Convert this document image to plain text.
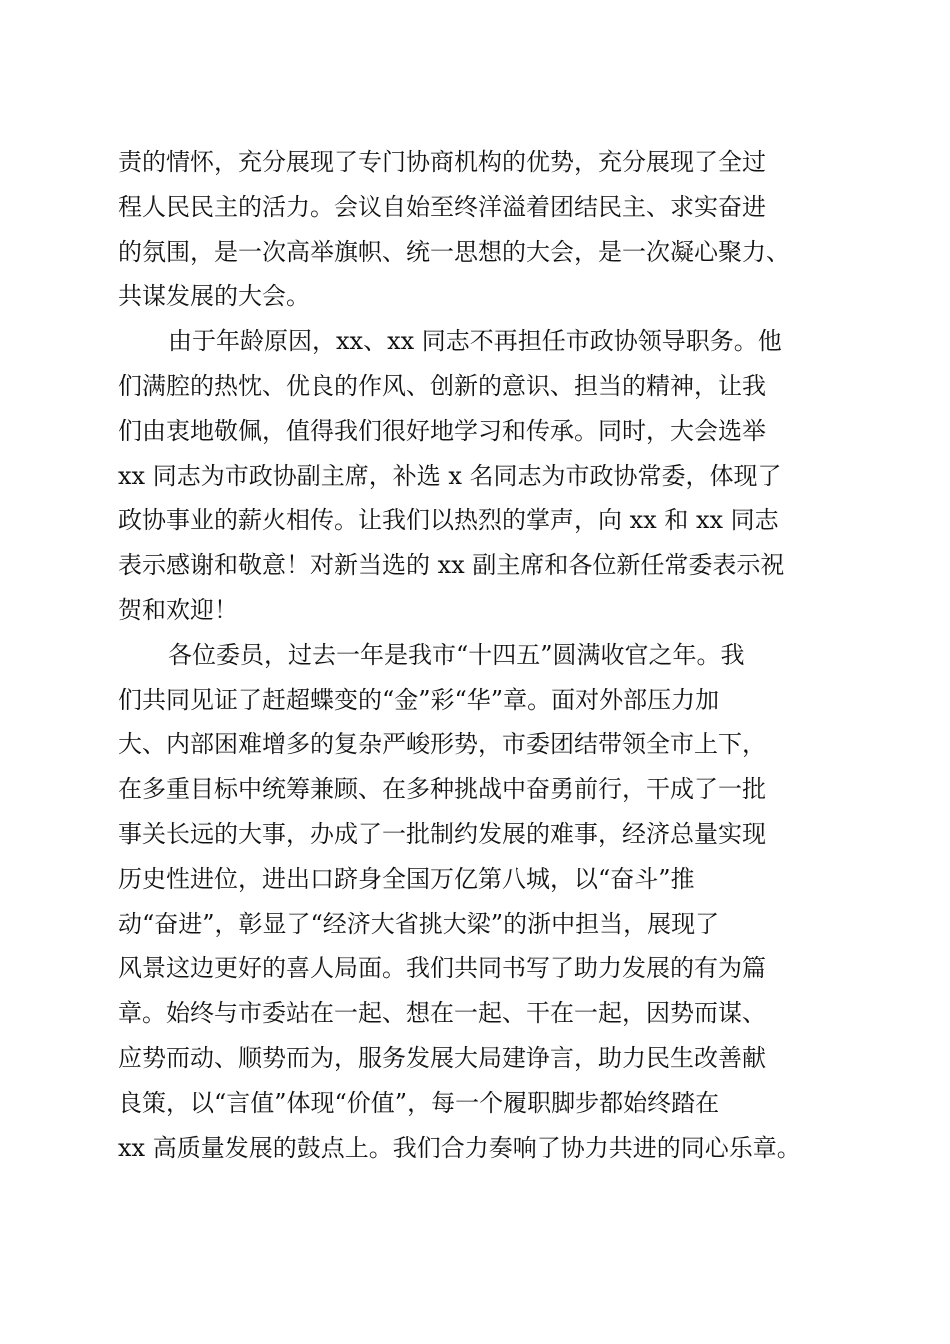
责的情怀，充分展现了专门协商机构的优势，充分展现了全过
程人民民主的活力。会议自始至终洋溢着团结民主、求实奋进
的氛围，是一次高举旗帜、统一思想的大会，是一次凝心聚力、
共谋发展的大会。
由于年龄原因，xx、xx 同志不再担任市政协领导职务。他
们满腔的热忱、优良的作风、创新的意识、担当的精神，让我
们由衷地敬佩，值得我们很好地学习和传承。同时，大会选举
xx 同志为市政协副主席，补选 x 名同志为市政协常委，体现了
政协事业的薪火相传。让我们以热烈的掌声，向 xx 和 xx 同志
表示感谢和敬意！对新当选的 xx 副主席和各位新任常委表示祝
贺和欢迎！
各位委员，过去一年是我市“十四五”圆满收官之年。我
们共同见证了赶超蝶变的“金”彩“华”章。面对外部压力加
大、内部困难增多的复杂严峻形势，市委团结带领全市上下，
在多重目标中统筹兼顾、在多种挑战中奋勇前行，干成了一批
事关长远的大事，办成了一批制约发展的难事，经济总量实现
历史性进位，进出口跻身全国万亿第八城，以“奋斗”推
动“奋进”，彰显了“经济大省挑大梁”的浙中担当，展现了
风景这边更好的喜人局面。我们共同书写了助力发展的有为篇
章。始终与市委站在一起、想在一起、干在一起，因势而谋、
应势而动、顺势而为，服务发展大局建诤言，助力民生改善献
良策，以“言值”体现“价值”，每一个履职脚步都始终踏在
xx 高质量发展的鼓点上。我们合力奏响了协力共进的同心乐章。
